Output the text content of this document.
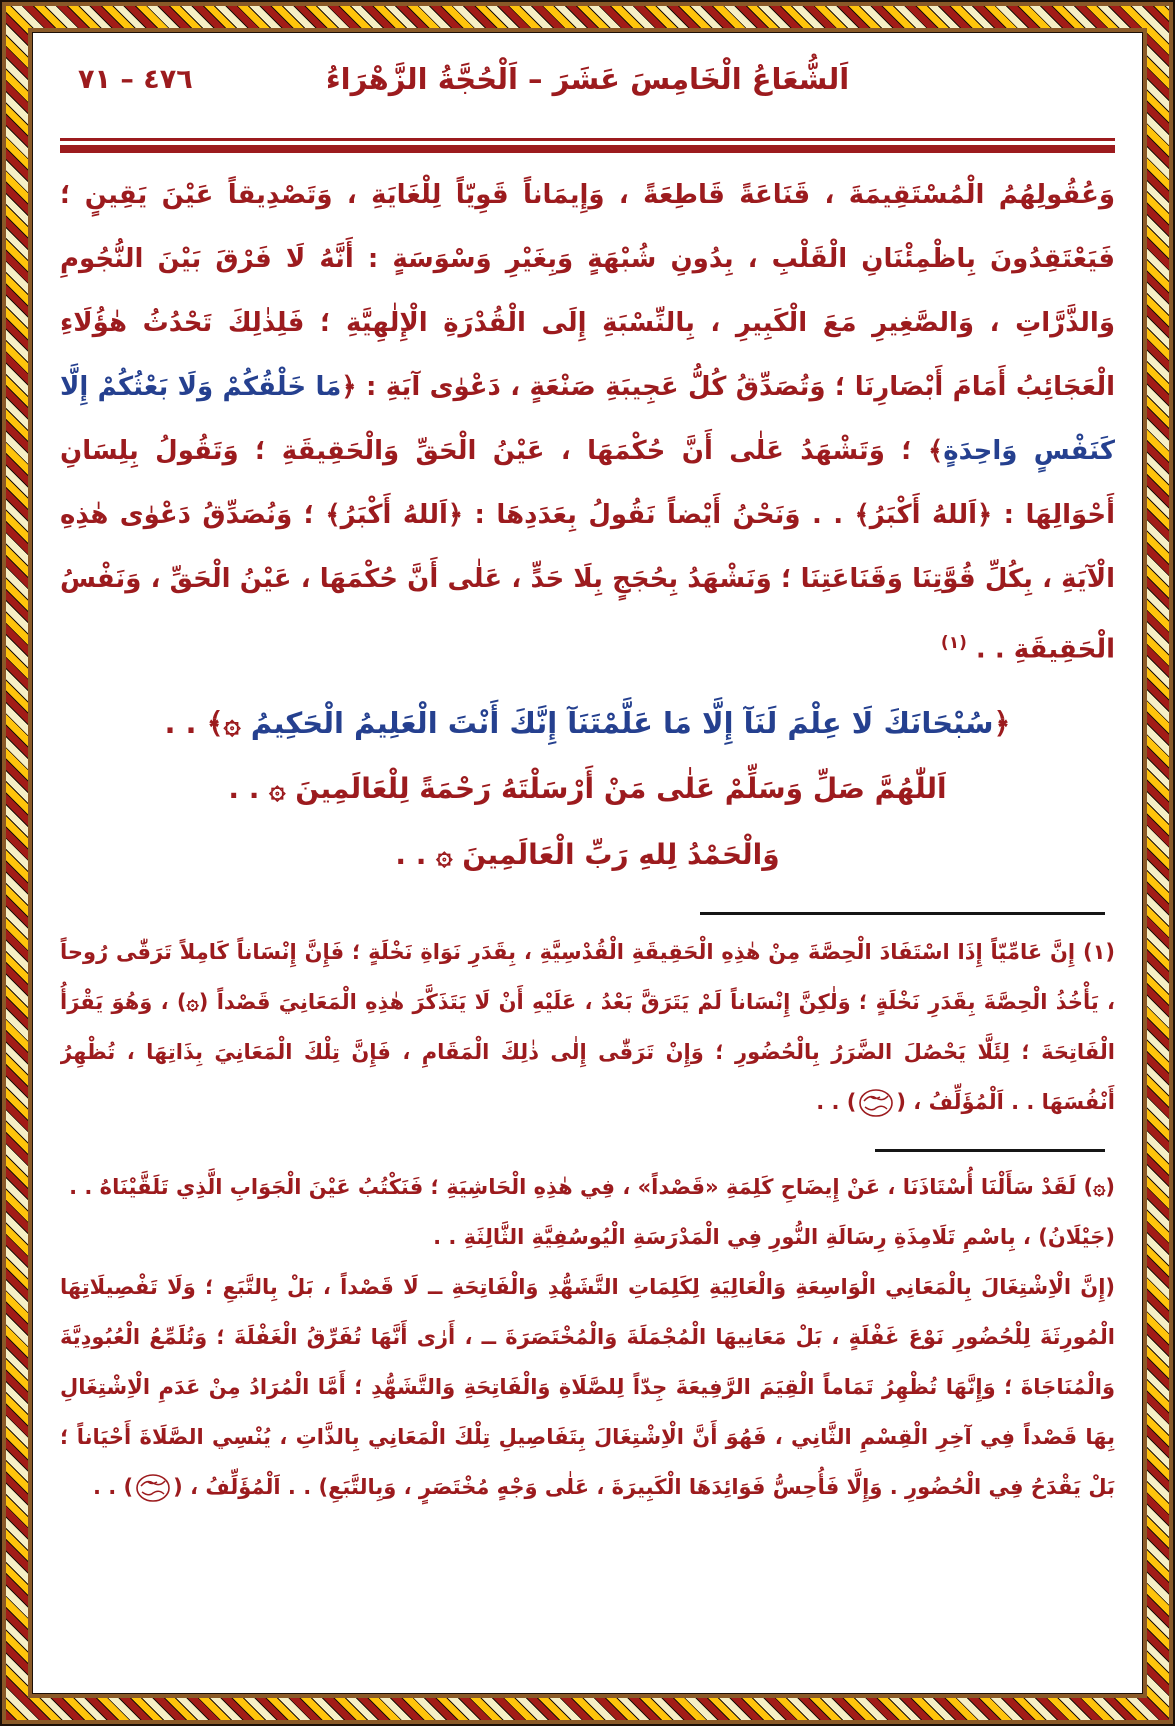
اَلشُّعَاعُ الْخَامِسَ عَشَرَ – اَلْحُجَّةُ الزَّهْرَاءُ
٤٧٦ – ٧١

وَعُقُولِهُمُ الْمُسْتَقِيمَةَ ، قَنَاعَةً قَاطِعَةً ، وَإِيمَاناً قَوِيّاً لِلْغَايَةِ ، وَتَصْدِيقاً عَيْنَ يَقِينٍ ؛ فَيَعْتَقِدُونَ بِاظْمِئْنَانِ الْقَلْبِ ، بِدُونِ شُبْهَةٍ وَبِغَيْرِ وَسْوَسَةٍ : أَنَّهُ لَا فَرْقَ بَيْنَ النُّجُومِ وَالذَّرَّاتِ ، وَالصَّغِيرِ مَعَ الْكَبِيرِ ، بِالنِّسْبَةِ إِلَى الْقُدْرَةِ الْإِلٰهِيَّةِ ؛ فَلِذٰلِكَ تَحْدُثُ هٰؤُلَاءِ الْعَجَائِبُ أَمَامَ أَبْصَارِنَا ؛ وَتُصَدِّقُ كُلُّ عَجِيبَةِ صَنْعَةٍ ، دَعْوٰى آيَةِ : ﴿مَا خَلْقُكُمْ وَلَا بَعْثُكُمْ إِلَّا كَنَفْسٍ وَاحِدَةٍ﴾ ؛ وَتَشْهَدُ عَلٰى أَنَّ حُكْمَهَا ، عَيْنُ الْحَقِّ وَالْحَقِيقَةِ ؛ وَتَقُولُ بِلِسَانِ أَحْوَالِهَا : ﴿اَللهُ أَكْبَرُ﴾ . . وَنَحْنُ أَيْضاً نَقُولُ بِعَدَدِهَا : ﴿اَللهُ أَكْبَرُ﴾ ؛ وَنُصَدِّقُ دَعْوٰى هٰذِهِ الْآيَةِ ، بِكُلِّ قُوَّتِنَا وَقَنَاعَتِنَا ؛ وَنَشْهَدُ بِحُجَجٍ بِلَا حَدٍّ ، عَلٰى أَنَّ حُكْمَهَا ، عَيْنُ الْحَقِّ ، وَنَفْسُ الْحَقِيقَةِ . . $^{(١)}$

﴿سُبْحَانَكَ لَا عِلْمَ لَنَآ إِلَّا مَا عَلَّمْتَنَآ إِنَّكَ أَنْتَ الْعَلِيمُ الْحَكِيمُ ۞﴾ . .

اَللّٰهُمَّ صَلِّ وَسَلِّمْ عَلٰى مَنْ أَرْسَلْتَهُ رَحْمَةً لِلْعَالَمِينَ ۞ . .

وَالْحَمْدُ لِلهِ رَبِّ الْعَالَمِينَ ۞ . .

(١) إِنَّ عَامِّيّاً إِذَا اسْتَفَادَ الْحِصَّةَ مِنْ هٰذِهِ الْحَقِيقَةِ الْقُدْسِيَّةِ ، بِقَدَرِ نَوَاةِ نَخْلَةٍ ؛ فَإِنَّ إِنْسَاناً كَامِلاً تَرَقّٰى رُوحاً ، يَأْخُذُ الْحِصَّةَ بِقَدَرِ نَخْلَةٍ ؛ وَلٰكِنَّ إِنْسَاناً لَمْ يَتَرَقَّ بَعْدُ ، عَلَيْهِ أَنْ لَا يَتَذَكَّرَ هٰذِهِ الْمَعَانِيَ قَصْداً (۞) ، وَهُوَ يَقْرَأُ الْفَاتِحَةَ ؛ لِئَلَّا يَحْصُلَ الضَّرَرُ بِالْحُضُورِ ؛ وَإِنْ تَرَقّٰى إِلٰى ذٰلِكَ الْمَقَامِ ، فَإِنَّ تِلْكَ الْمَعَانِيَ بِذَاتِهَا ، تُظْهِرُ أَنْفُسَهَا . . اَلْمُؤَلِّفُ ، (
) . .

(۞) لَقَدْ سَأَلْنَا أُسْتَاذَنَا ، عَنْ إِيضَاحِ كَلِمَةِ «قَصْداً» ، فِي هٰذِهِ الْحَاشِيَةِ ؛ فَنَكْتُبُ عَيْنَ الْجَوَابِ الَّذِي تَلَقَّيْنَاهُ . .

(جَيْلَانُ) ، بِاسْمِ تَلَامِذَةِ رِسَالَةِ النُّورِ فِي الْمَدْرَسَةِ الْيُوسُفِيَّةِ الثَّالِثَةِ . .

(إِنَّ الْاِشْتِغَالَ بِالْمَعَانِي الْوَاسِعَةِ وَالْعَالِيَةِ لِكَلِمَاتِ التَّشَهُّدِ وَالْفَاتِحَةِ ــ لَا قَصْداً ، بَلْ بِالتَّبَعِ ؛ وَلَا تَفْصِيلَاتِهَا الْمُورِثَةَ لِلْحُضُورِ نَوْعَ غَفْلَةٍ ، بَلْ مَعَانِيهَا الْمُجْمَلَةَ وَالْمُخْتَصَرَةَ ــ ، أَرٰى أَنَّهَا تُفَرِّقُ الْغَفْلَةَ ؛ وَتُلَمِّعُ الْعُبُودِيَّةَ وَالْمُنَاجَاةَ ؛ وَإِنَّهَا تُظْهِرُ تَمَاماً الْقِيَمَ الرَّفِيعَةَ جِدّاً لِلصَّلَاةِ وَالْفَاتِحَةِ وَالتَّشَهُّدِ ؛ أَمَّا الْمُرَادُ مِنْ عَدَمِ الْاِشْتِغَالِ بِهَا قَصْداً فِي آخِرِ الْقِسْمِ الثَّانِي ، فَهُوَ أَنَّ الْاِشْتِغَالَ بِتَفَاصِيلِ تِلْكَ الْمَعَانِي بِالذَّاتِ ، يُنْسِي الصَّلَاةَ أَحْيَاناً ؛ بَلْ يَقْدَحُ فِي الْحُضُورِ . وَإِلَّا فَأُحِسُّ فَوَائِدَهَا الْكَبِيرَةَ ، عَلٰى وَجْهٍ مُخْتَصَرٍ ، وَبِالتَّبَعِ) . . اَلْمُؤَلِّفُ ، (
) . .
